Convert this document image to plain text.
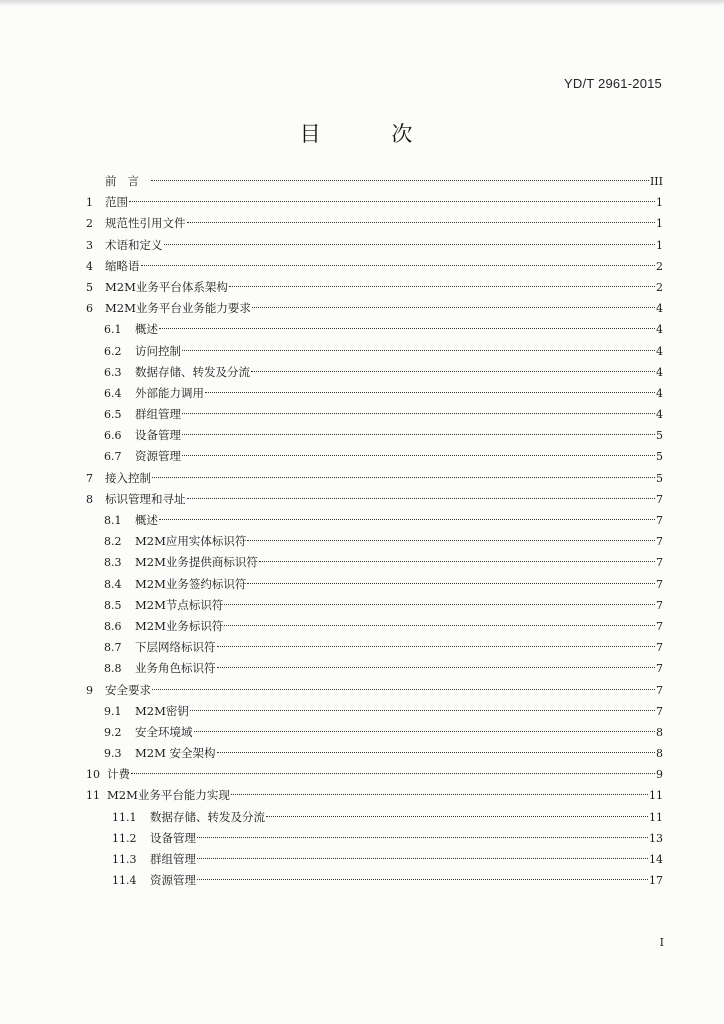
YD/T 2961-2015
目 次
前言	III
1 范围	1
2 规范性引用文件	1
3 术语和定义	1
4 缩略语	2
5 M2M业务平台体系架构	2
6 M2M业务平台业务能力要求	4
6.1 概述	4
6.2 访问控制	4
6.3 数据存储、转发及分流	4
6.4 外部能力调用	4
6.5 群组管理	4
6.6 设备管理	5
6.7 资源管理	5
7 接入控制	5
8 标识管理和寻址	7
8.1 概述	7
8.2 M2M应用实体标识符	7
8.3 M2M业务提供商标识符	7
8.4 M2M业务签约标识符	7
8.5 M2M节点标识符	7
8.6 M2M业务标识符	7
8.7 下层网络标识符	7
8.8 业务角色标识符	7
9 安全要求	7
9.1 M2M密钥	7
9.2 安全环境域	8
9.3 M2M 安全架构	8
10 计费	9
11 M2M业务平台能力实现	11
11.1 数据存储、转发及分流	11
11.2 设备管理	13
11.3 群组管理	14
11.4 资源管理	17
I
